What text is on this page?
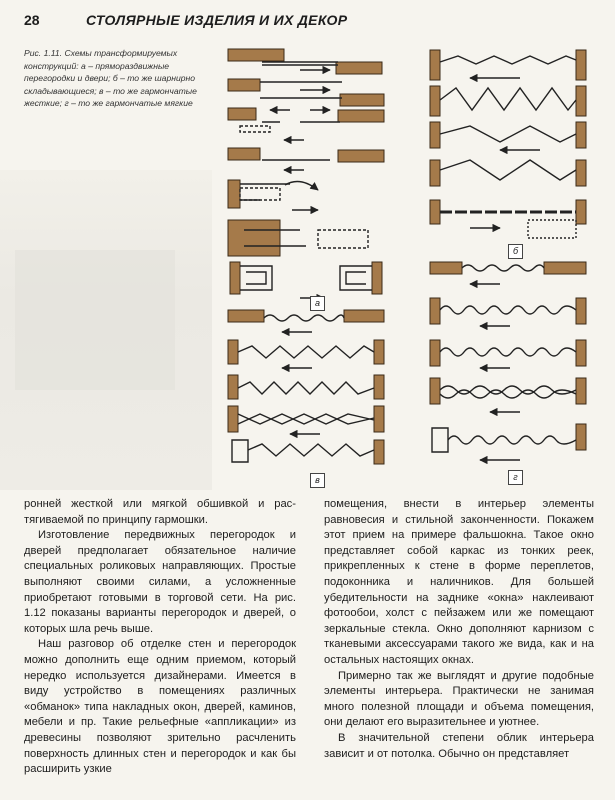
28	СТОЛЯРНЫЕ ИЗДЕЛИЯ И ИХ ДЕКОР
Рис. 1.11. Схемы трансформируемых конструкций: а – прямораздвижные перегородки и двери; б – то же шарнирно складывающиеся; в – то же гармончатые жесткие; г – то же гармончатые мягкие
а
б
в	г

ронней жесткой или мягкой обшивкой и рас-тягиваемой по принципу гармошки.

Изготовление передвижных перегородок и дверей предполагает обязательное наличие специальных роликовых направляющих. Простые выполняют своими силами, а усложненные приобретают готовыми в торговой сети. На рис. 1.12 показаны варианты перегородок и дверей, о которых шла речь выше.

Наш разговор об отделке стен и перегородок можно дополнить еще одним приемом, который нередко используется дизайнерами. Имеется в виду устройство в помещениях различных «обманок» типа накладных окон, дверей, каминов, мебели и пр. Такие рельефные «аппликации» из древесины позволяют зрительно расчленить поверхность длинных стен и перегородок и как бы расширить узкие

помещения, внести в интерьер элементы равновесия и стильной законченности. Покажем этот прием на примере фальшокна. Такое окно представляет собой каркас из тонких реек, прикрепленных к стене в форме переплетов, подоконника и наличников. Для большей убедительности на заднике «окна» наклеивают фотообои, холст с пейзажем или же помещают зеркальные стекла. Окно дополняют карнизом с тканевыми аксессуарами такого же вида, как и на остальных настоящих окнах.

Примерно так же выглядят и другие подобные элементы интерьера. Практически не занимая много полезной площади и объема помещения, они делают его выразительнее и уютнее.

В значительной степени облик интерьера зависит и от потолка. Обычно он представляет
